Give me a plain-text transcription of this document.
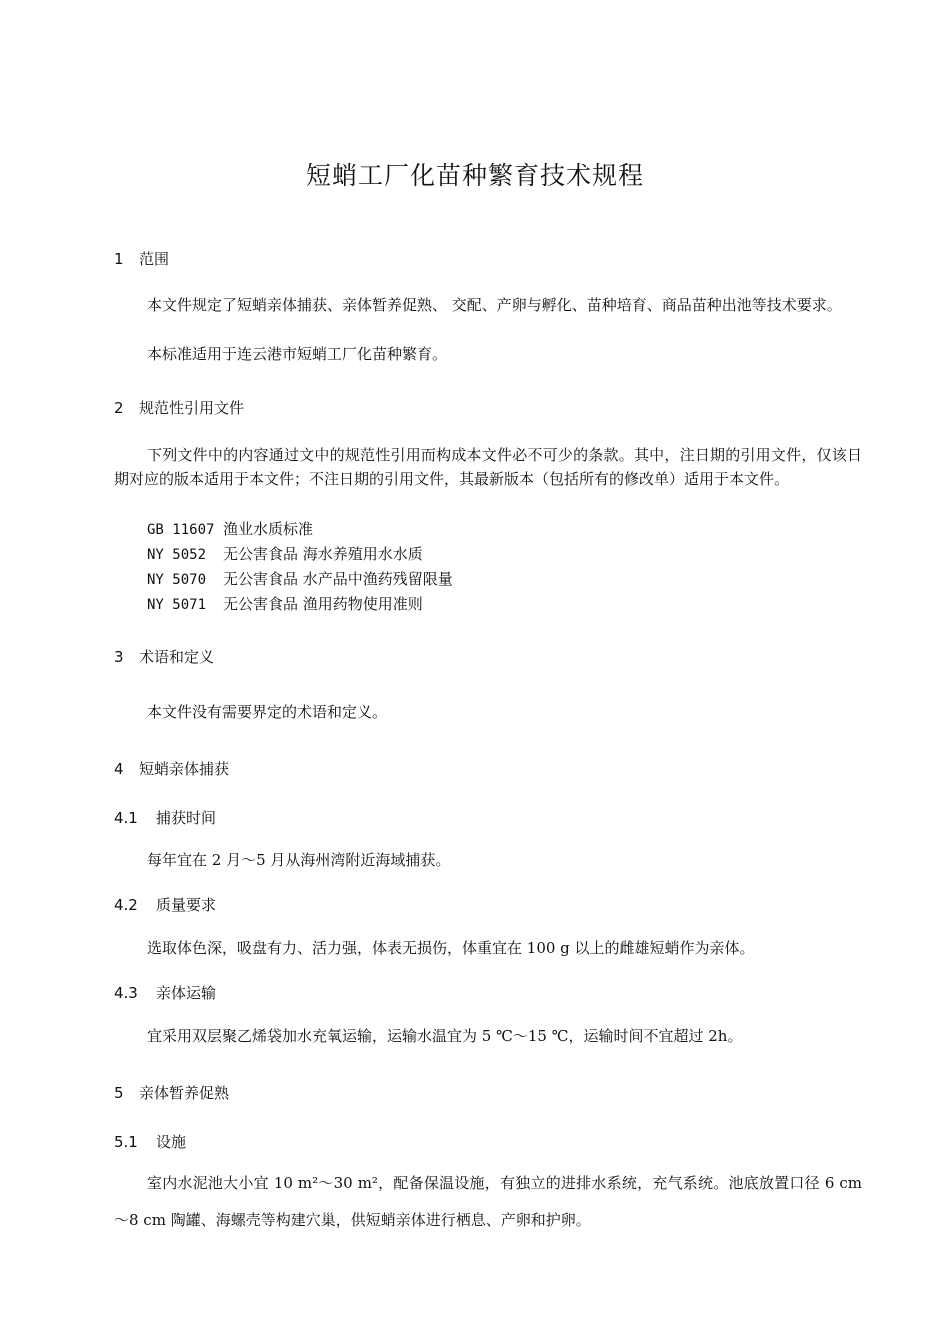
短蛸工厂化苗种繁育技术规程
1 范围
本文件规定了短蛸亲体捕获、亲体暂养促熟、 交配、产卵与孵化、苗种培育、商品苗种出池等技术要求。
本标准适用于连云港市短蛸工厂化苗种繁育。
2 规范性引用文件
下列文件中的内容通过文中的规范性引用而构成本文件必不可少的条款。其中，注日期的引用文件，仅该日期对应的版本适用于本文件；不注日期的引用文件，其最新版本（包括所有的修改单）适用于本文件。
GB 11607 渔业水质标准
NY 5052 无公害食品 海水养殖用水水质
NY 5070 无公害食品 水产品中渔药残留限量
NY 5071 无公害食品 渔用药物使用准则
3 术语和定义
本文件没有需要界定的术语和定义。
4 短蛸亲体捕获
4.1 捕获时间
每年宜在 2 月～5 月从海州湾附近海域捕获。
4.2 质量要求
选取体色深，吸盘有力、活力强，体表无损伤，体重宜在 100 g 以上的雌雄短蛸作为亲体。
4.3 亲体运输
宜采用双层聚乙烯袋加水充氧运输，运输水温宜为 5 ℃～15 ℃，运输时间不宜超过 2h。
5 亲体暂养促熟
5.1 设施
室内水泥池大小宜 10 m²～30 m²，配备保温设施，有独立的进排水系统，充气系统。池底放置口径 6 cm～8 cm 陶罐、海螺壳等构建穴巢，供短蛸亲体进行栖息、产卵和护卵。
